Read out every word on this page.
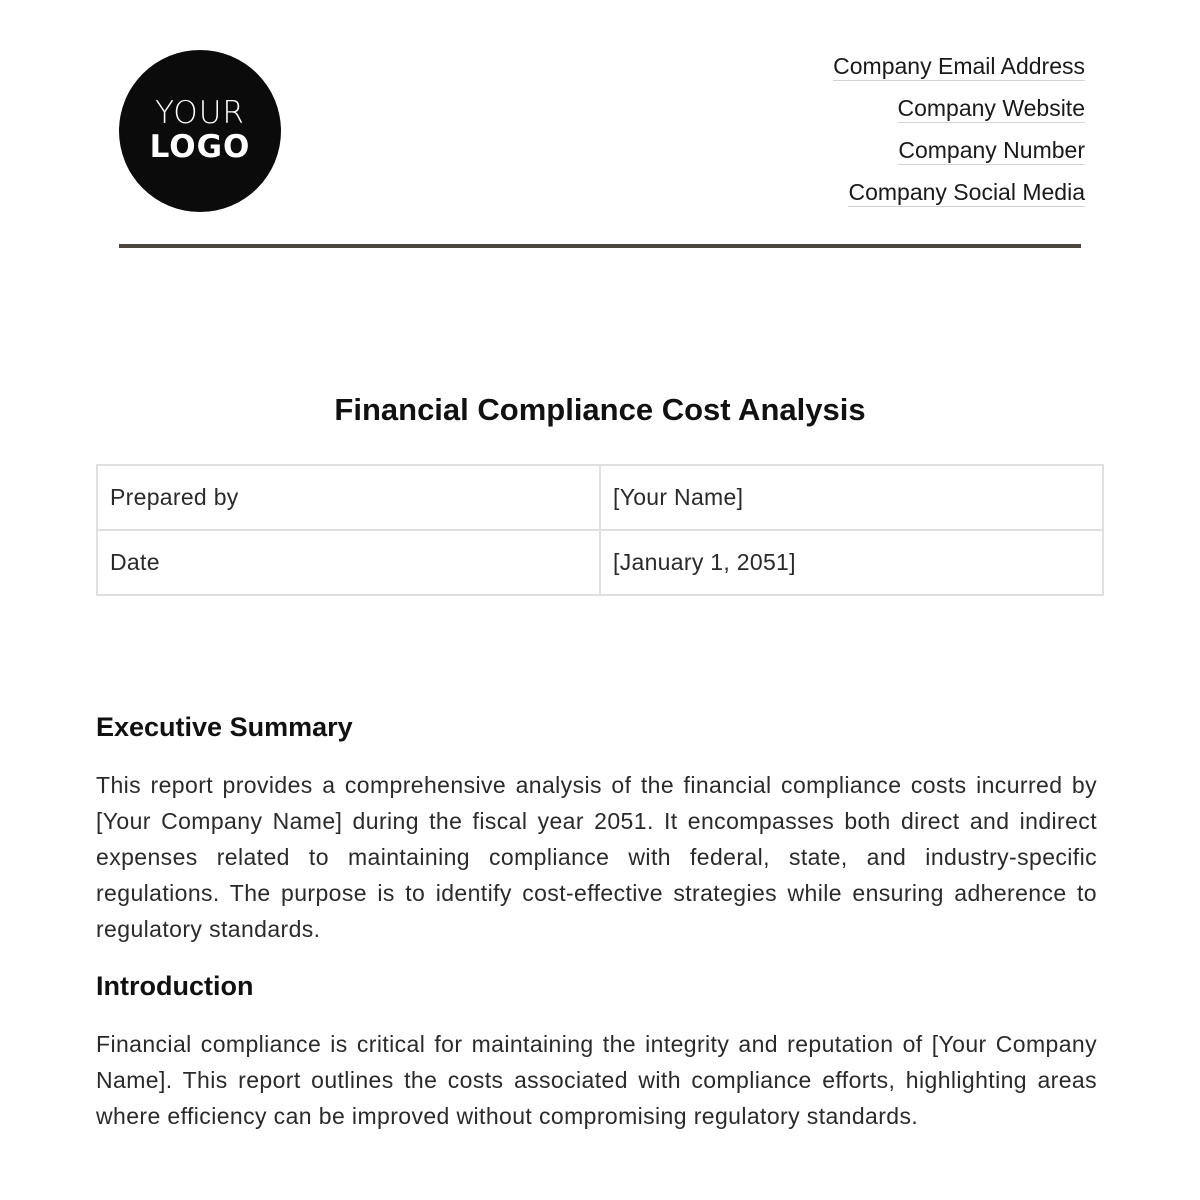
YOUR
LOGO
Company Email Address
Company Website
Company Number
Company Social Media
Financial Compliance Cost Analysis
Prepared by	[Your Name]
Date	[January 1, 2051]
Executive Summary

This report provides a comprehensive analysis of the financial compliance costs incurred by [Your Company Name] during the fiscal year 2051. It encompasses both direct and indirect expenses related to maintaining compliance with federal, state, and industry-specific regulations. The purpose is to identify cost-effective strategies while ensuring adherence to regulatory standards.

Introduction

Financial compliance is critical for maintaining the integrity and reputation of [Your Company Name]. This report outlines the costs associated with compliance efforts, highlighting areas where efficiency can be improved without compromising regulatory standards.
